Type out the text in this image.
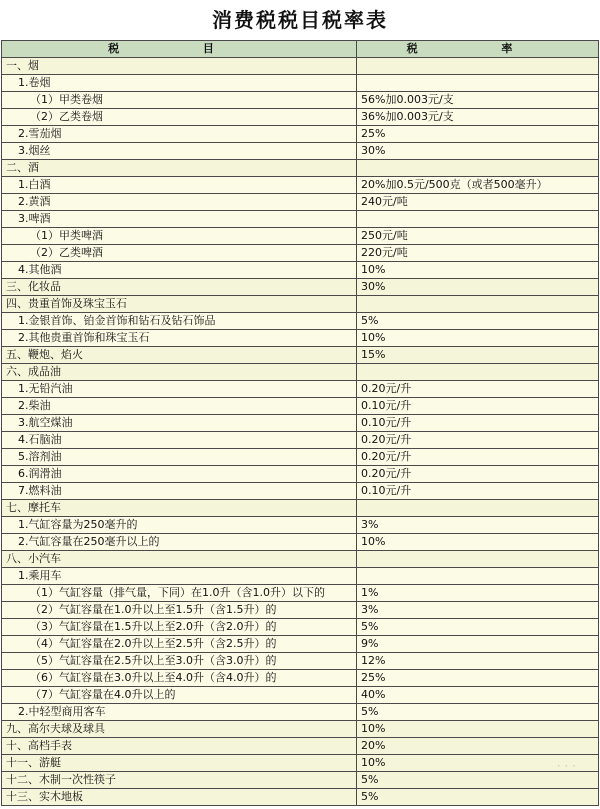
消费税税目税率表
税 目	税 率
一、烟	
1.卷烟	
（1）甲类卷烟	56%加0.003元/支
（2）乙类卷烟	36%加0.003元/支
2.雪茄烟	25%
3.烟丝	30%
二、酒	
1.白酒	20%加0.5元/500克（或者500毫升）
2.黄酒	240元/吨
3.啤酒	
（1）甲类啤酒	250元/吨
（2）乙类啤酒	220元/吨
4.其他酒	10%
三、化妆品	30%
四、贵重首饰及珠宝玉石	
1.金银首饰、铂金首饰和钻石及钻石饰品	5%
2.其他贵重首饰和珠宝玉石	10%
五、鞭炮、焰火	15%
六、成品油	
1.无铅汽油	0.20元/升
2.柴油	0.10元/升
3.航空煤油	0.10元/升
4.石脑油	0.20元/升
5.溶剂油	0.20元/升
6.润滑油	0.20元/升
7.燃料油	0.10元/升
七、摩托车	
1.气缸容量为250毫升的	3%
2.气缸容量在250毫升以上的	10%
八、小汽车	
1.乘用车	
（1）气缸容量（排气量，下同）在1.0升（含1.0升）以下的	1%
（2）气缸容量在1.0升以上至1.5升（含1.5升）的	3%
（3）气缸容量在1.5升以上至2.0升（含2.0升）的	5%
（4）气缸容量在2.0升以上至2.5升（含2.5升）的	9%
（5）气缸容量在2.5升以上至3.0升（含3.0升）的	12%
（6）气缸容量在3.0升以上至4.0升（含4.0升）的	25%
（7）气缸容量在4.0升以上的	40%
2.中轻型商用客车	5%
九、高尔夫球及球具	10%
十、高档手表	20%
十一、游艇	10%
十二、木制一次性筷子	5%
十三、实木地板	5%
· · ·
